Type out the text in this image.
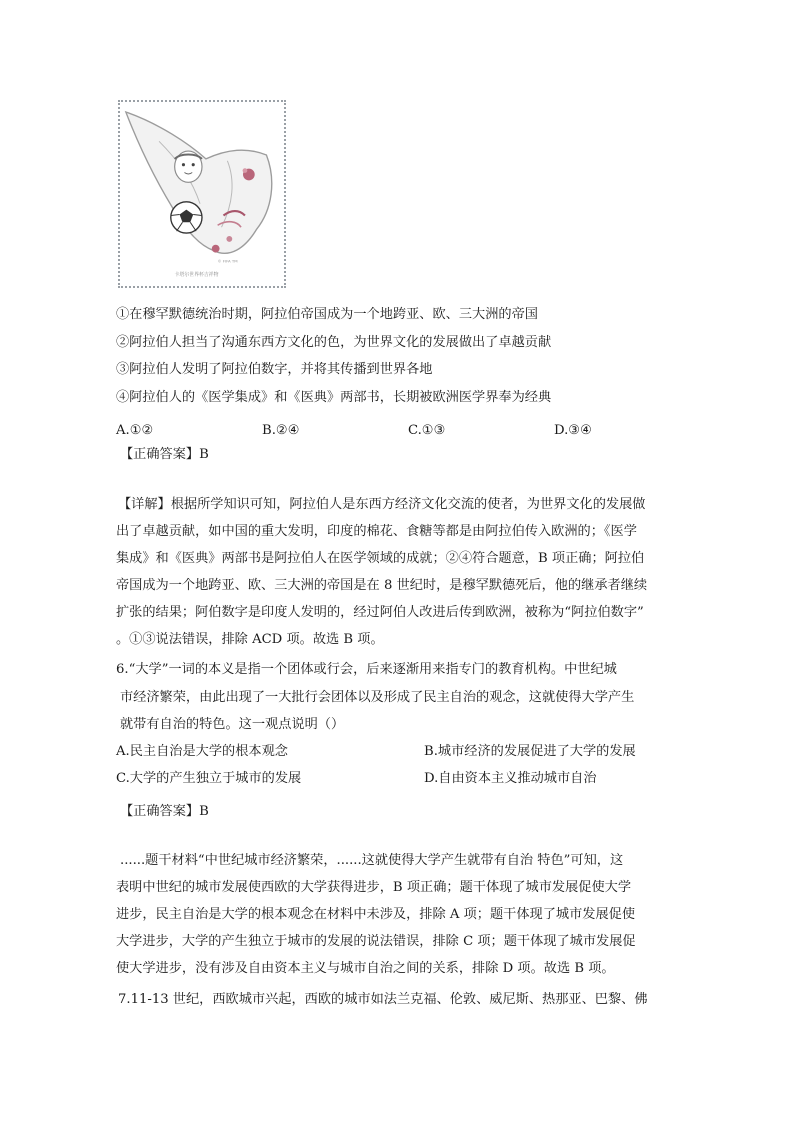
© FIFA TM
卡塔尔世界杯吉祥物
①在穆罕默德统治时期，阿拉伯帝国成为一个地跨亚、欧、三大洲的帝国
②阿拉伯人担当了沟通东西方文化的色，为世界文化的发展做出了卓越贡献
③阿拉伯人发明了阿拉伯数字，并将其传播到世界各地
④阿拉伯人的《医学集成》和《医典》两部书，长期被欧洲医学界奉为经典
A.①②	B.②④	C.①③	D.③④
【正确答案】B
【详解】根据所学知识可知，阿拉伯人是东西方经济文化交流的使者，为世界文化的发展做
出了卓越贡献，如中国的重大发明，印度的棉花、食糖等都是由阿拉伯传入欧洲的；《医学
集成》和《医典》两部书是阿拉伯人在医学领域的成就；②④符合题意，B 项正确；阿拉伯
帝国成为一个地跨亚、欧、三大洲的帝国是在 8 世纪时，是穆罕默德死后，他的继承者继续
扩张的结果；阿伯数字是印度人发明的，经过阿伯人改进后传到欧洲，被称为“阿拉伯数字”
。①③说法错误，排除 ACD 项。故选 B 项。
6.“大学”一词的本义是指一个团体或行会，后来逐渐用来指专门的教育机构。中世纪城
市经济繁荣，由此出现了一大批行会团体以及形成了民主自治的观念，这就使得大学产生
就带有自治的特色。这一观点说明（）
A.民主自治是大学的根本观念	B.城市经济的发展促进了大学的发展
C.大学的产生独立于城市的发展	D.自由资本主义推动城市自治
【正确答案】B
......题干材料“中世纪城市经济繁荣，......这就使得大学产生就带有自治 特色”可知，这
表明中世纪的城市发展使西欧的大学获得进步，B 项正确；题干体现了城市发展促使大学
进步，民主自治是大学的根本观念在材料中未涉及，排除 A 项；题干体现了城市发展促使
大学进步，大学的产生独立于城市的发展的说法错误，排除 C 项；题干体现了城市发展促
使大学进步，没有涉及自由资本主义与城市自治之间的关系，排除 D 项。故选 B 项。
7.11-13 世纪，西欧城市兴起，西欧的城市如法兰克福、伦敦、威尼斯、热那亚、巴黎、佛
